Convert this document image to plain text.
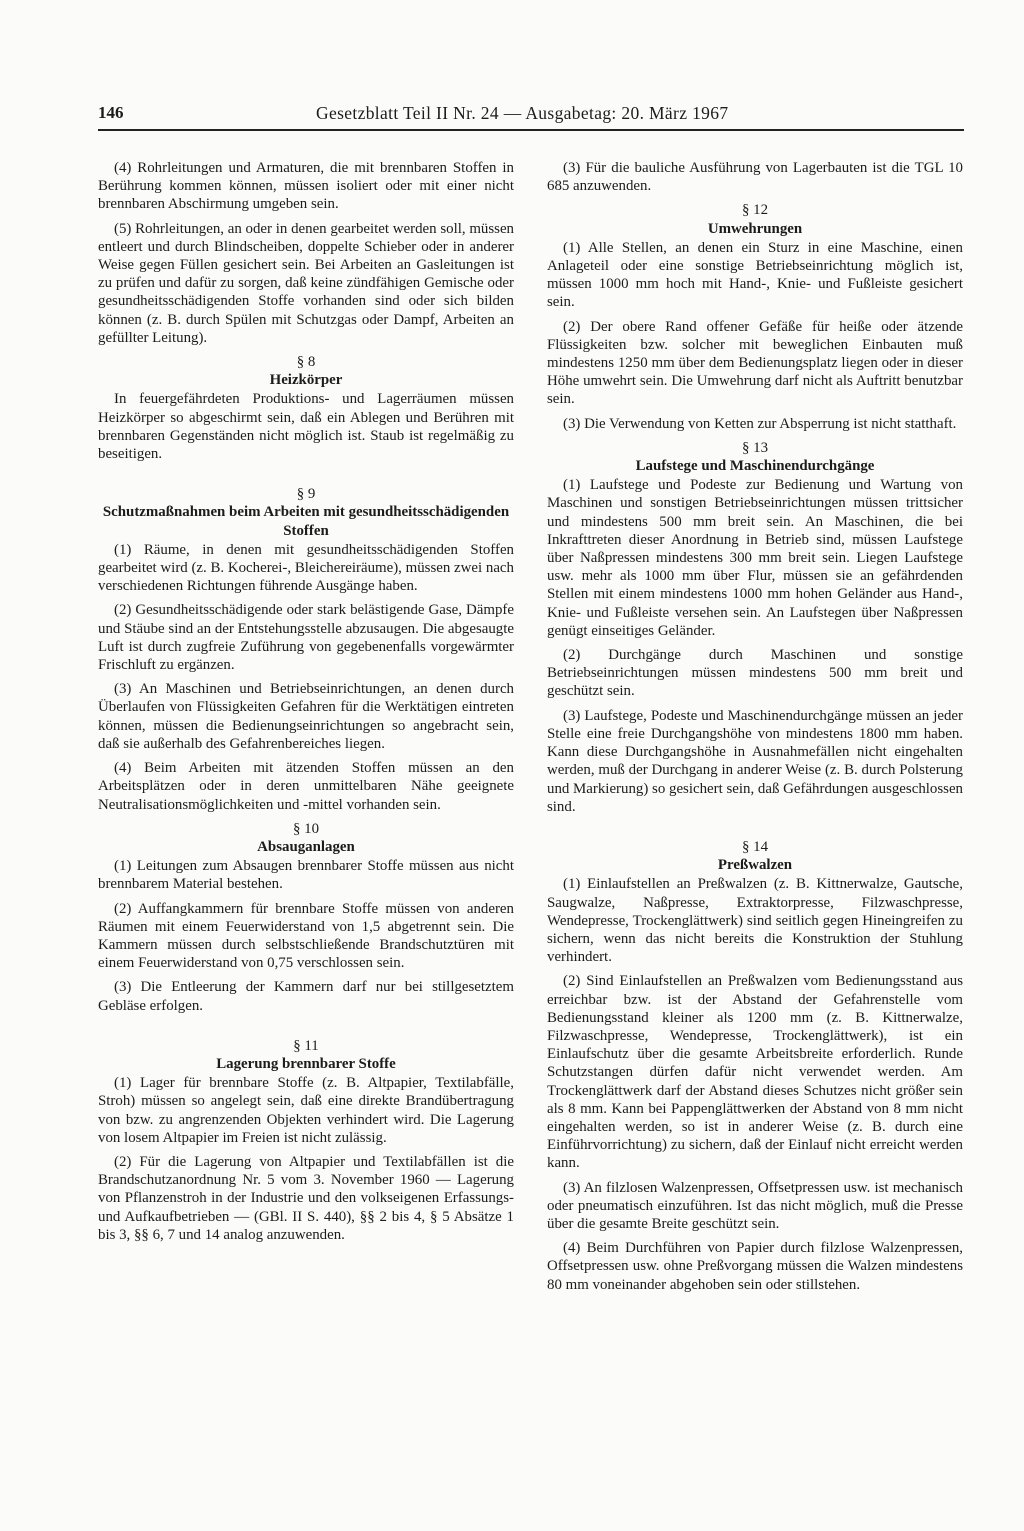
146	Gesetzblatt Teil II Nr. 24 — Ausgabetag: 20. März 1967

(4) Rohrleitungen und Armaturen, die mit brennbaren Stoffen in Berührung kommen können, müssen isoliert oder mit einer nicht brennbaren Abschirmung umgeben sein.

(5) Rohrleitungen, an oder in denen gearbeitet werden soll, müssen entleert und durch Blindscheiben, doppelte Schieber oder in anderer Weise gegen Füllen gesichert sein. Bei Arbeiten an Gasleitungen ist zu prüfen und dafür zu sorgen, daß keine zündfähigen Gemische oder gesundheitsschädigenden Stoffe vorhanden sind oder sich bilden können (z. B. durch Spülen mit Schutzgas oder Dampf, Arbeiten an gefüllter Leitung).

§ 8
Heizkörper

In feuergefährdeten Produktions- und Lagerräumen müssen Heizkörper so abgeschirmt sein, daß ein Ablegen und Berühren mit brennbaren Gegenständen nicht möglich ist. Staub ist regelmäßig zu beseitigen.

§ 9
Schutzmaßnahmen beim Arbeiten mit gesundheitsschädigenden Stoffen

(1) Räume, in denen mit gesundheitsschädigenden Stoffen gearbeitet wird (z. B. Kocherei-, Bleichereiräume), müssen zwei nach verschiedenen Richtungen führende Ausgänge haben.

(2) Gesundheitsschädigende oder stark belästigende Gase, Dämpfe und Stäube sind an der Entstehungsstelle abzusaugen. Die abgesaugte Luft ist durch zugfreie Zuführung von gegebenenfalls vorgewärmter Frischluft zu ergänzen.

(3) An Maschinen und Betriebseinrichtungen, an denen durch Überlaufen von Flüssigkeiten Gefahren für die Werktätigen eintreten können, müssen die Bedienungseinrichtungen so angebracht sein, daß sie außerhalb des Gefahrenbereiches liegen.

(4) Beim Arbeiten mit ätzenden Stoffen müssen an den Arbeitsplätzen oder in deren unmittelbaren Nähe geeignete Neutralisationsmöglichkeiten und -mittel vorhanden sein.

§ 10
Absauganlagen

(1) Leitungen zum Absaugen brennbarer Stoffe müssen aus nicht brennbarem Material bestehen.

(2) Auffangkammern für brennbare Stoffe müssen von anderen Räumen mit einem Feuerwiderstand von 1,5 abgetrennt sein. Die Kammern müssen durch selbstschließende Brandschutztüren mit einem Feuerwiderstand von 0,75 verschlossen sein.

(3) Die Entleerung der Kammern darf nur bei stillgesetztem Gebläse erfolgen.

§ 11
Lagerung brennbarer Stoffe

(1) Lager für brennbare Stoffe (z. B. Altpapier, Textilabfälle, Stroh) müssen so angelegt sein, daß eine direkte Brandübertragung von bzw. zu angrenzenden Objekten verhindert wird. Die Lagerung von losem Altpapier im Freien ist nicht zulässig.

(2) Für die Lagerung von Altpapier und Textilabfällen ist die Brandschutzanordnung Nr. 5 vom 3. November 1960 — Lagerung von Pflanzenstroh in der Industrie und den volkseigenen Erfassungs- und Aufkaufbetrieben — (GBl. II S. 440), §§ 2 bis 4, § 5 Absätze 1 bis 3, §§ 6, 7 und 14 analog anzuwenden.

(3) Für die bauliche Ausführung von Lagerbauten ist die TGL 10 685 anzuwenden.

§ 12
Umwehrungen

(1) Alle Stellen, an denen ein Sturz in eine Maschine, einen Anlageteil oder eine sonstige Betriebseinrichtung möglich ist, müssen 1000 mm hoch mit Hand-, Knie- und Fußleiste gesichert sein.

(2) Der obere Rand offener Gefäße für heiße oder ätzende Flüssigkeiten bzw. solcher mit beweglichen Einbauten muß mindestens 1250 mm über dem Bedienungsplatz liegen oder in dieser Höhe umwehrt sein. Die Umwehrung darf nicht als Auftritt benutzbar sein.

(3) Die Verwendung von Ketten zur Absperrung ist nicht statthaft.

§ 13
Laufstege und Maschinendurchgänge

(1) Laufstege und Podeste zur Bedienung und Wartung von Maschinen und sonstigen Betriebseinrichtungen müssen trittsicher und mindestens 500 mm breit sein. An Maschinen, die bei Inkrafttreten dieser Anordnung in Betrieb sind, müssen Laufstege über Naßpressen mindestens 300 mm breit sein. Liegen Laufstege usw. mehr als 1000 mm über Flur, müssen sie an gefährdenden Stellen mit einem mindestens 1000 mm hohen Geländer aus Hand-, Knie- und Fußleiste versehen sein. An Laufstegen über Naßpressen genügt einseitiges Geländer.

(2) Durchgänge durch Maschinen und sonstige Betriebseinrichtungen müssen mindestens 500 mm breit und geschützt sein.

(3) Laufstege, Podeste und Maschinendurchgänge müssen an jeder Stelle eine freie Durchgangshöhe von mindestens 1800 mm haben. Kann diese Durchgangshöhe in Ausnahmefällen nicht eingehalten werden, muß der Durchgang in anderer Weise (z. B. durch Polsterung und Markierung) so gesichert sein, daß Gefährdungen ausgeschlossen sind.

§ 14
Preßwalzen

(1) Einlaufstellen an Preßwalzen (z. B. Kittnerwalze, Gautsche, Saugwalze, Naßpresse, Extraktorpresse, Filzwaschpresse, Wendepresse, Trockenglättwerk) sind seitlich gegen Hineingreifen zu sichern, wenn das nicht bereits die Konstruktion der Stuhlung verhindert.

(2) Sind Einlaufstellen an Preßwalzen vom Bedienungsstand aus erreichbar bzw. ist der Abstand der Gefahrenstelle vom Bedienungsstand kleiner als 1200 mm (z. B. Kittnerwalze, Filzwaschpresse, Wendepresse, Trockenglättwerk), ist ein Einlaufschutz über die gesamte Arbeitsbreite erforderlich. Runde Schutzstangen dürfen dafür nicht verwendet werden. Am Trockenglättwerk darf der Abstand dieses Schutzes nicht größer sein als 8 mm. Kann bei Pappenglättwerken der Abstand von 8 mm nicht eingehalten werden, so ist in anderer Weise (z. B. durch eine Einführvorrichtung) zu sichern, daß der Einlauf nicht erreicht werden kann.

(3) An filzlosen Walzenpressen, Offsetpressen usw. ist mechanisch oder pneumatisch einzuführen. Ist das nicht möglich, muß die Presse über die gesamte Breite geschützt sein.

(4) Beim Durchführen von Papier durch filzlose Walzenpressen, Offsetpressen usw. ohne Preßvorgang müssen die Walzen mindestens 80 mm voneinander abgehoben sein oder stillstehen.
